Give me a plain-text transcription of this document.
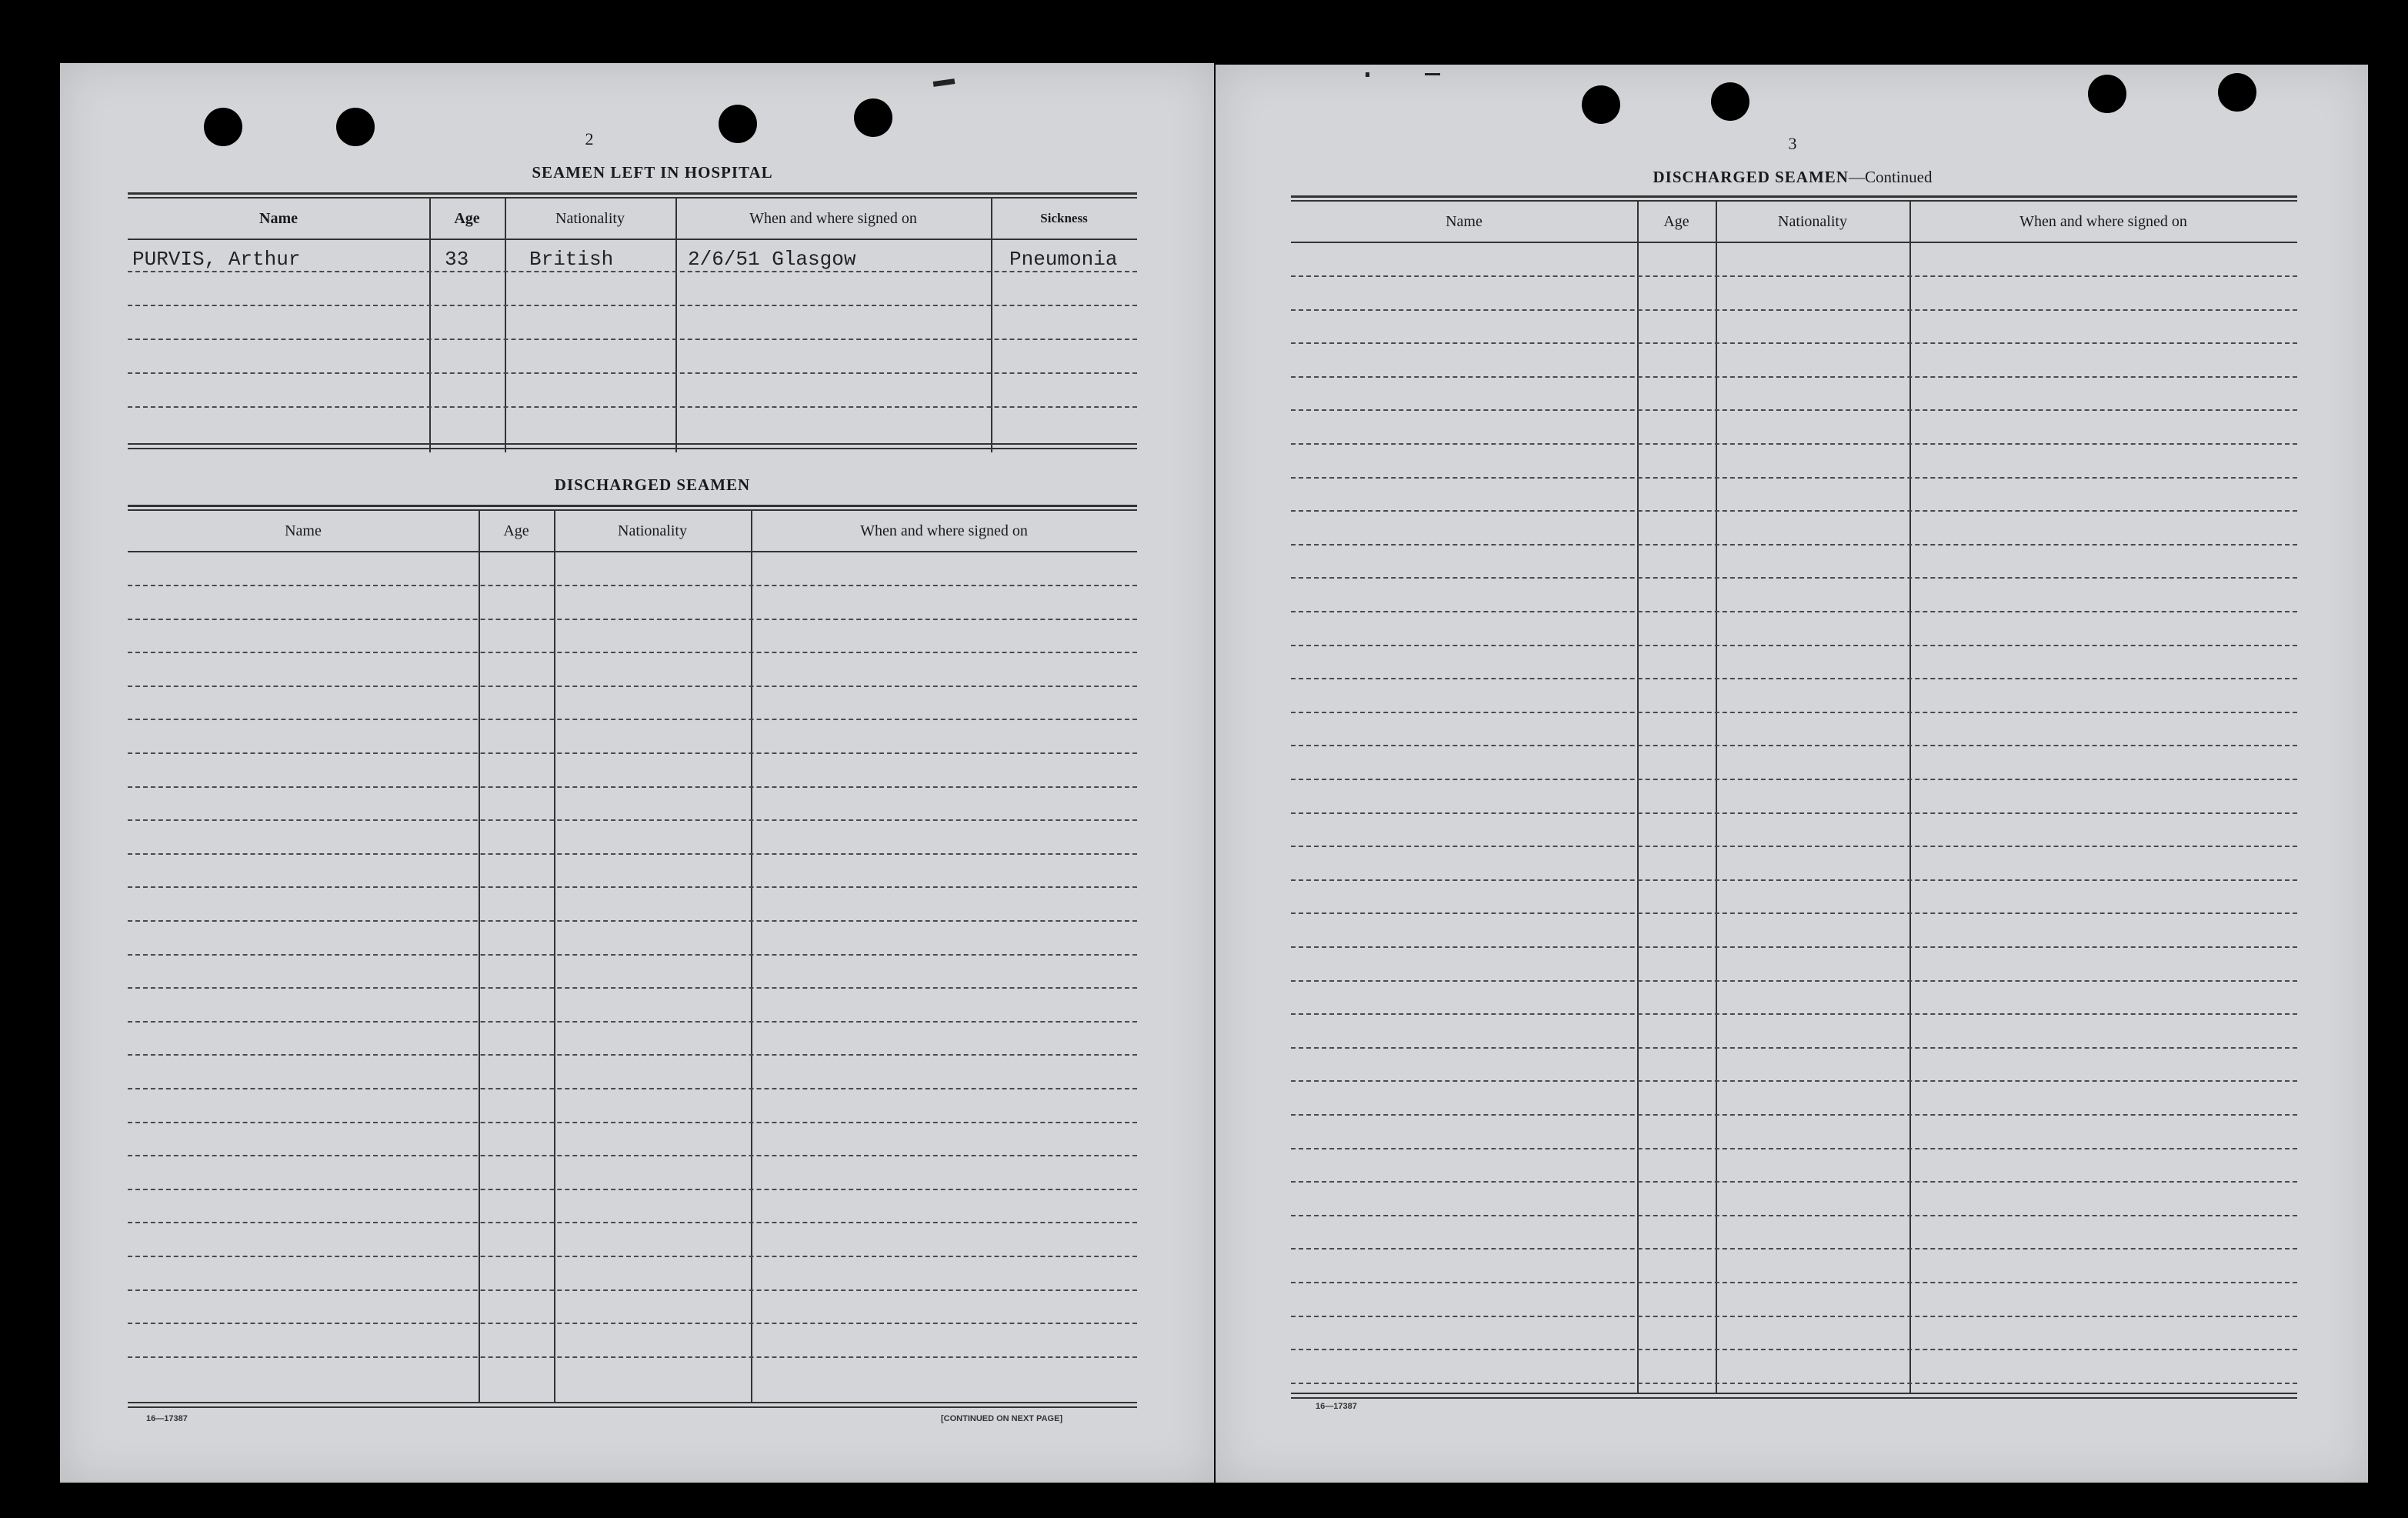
2
SEAMEN LEFT IN HOSPITAL
Name	Age	Nationality	When and where signed on	Sickness
PURVIS, Arthur	33	British	2/6/51 Glasgow	Pneumonia
DISCHARGED SEAMEN
Name	Age	Nationality	When and where signed on
16—17387	[CONTINUED ON NEXT PAGE]
3
DISCHARGED SEAMEN—Continued
Name	Age	Nationality	When and where signed on
16—17387
